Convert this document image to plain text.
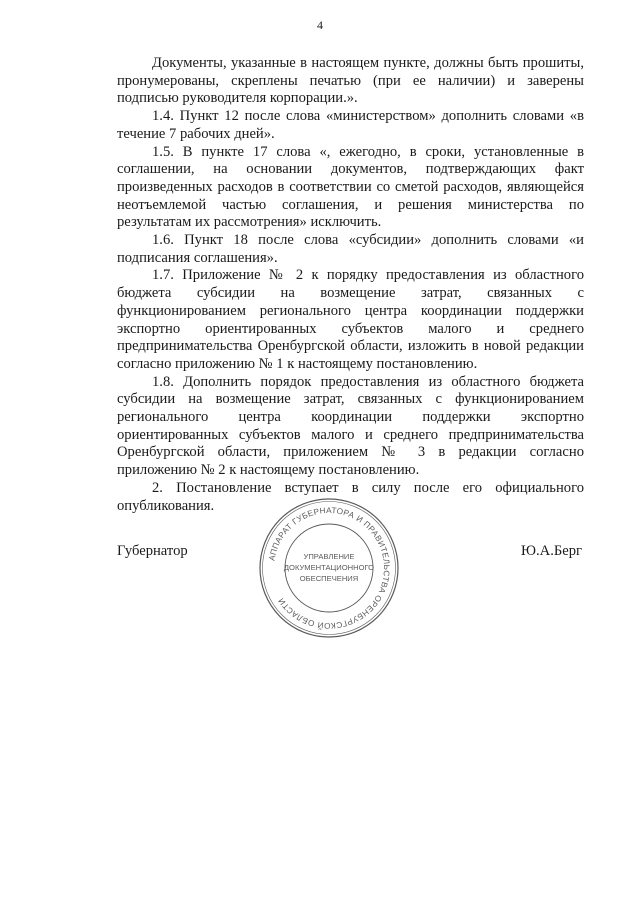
4

Документы, указанные в настоящем пункте, должны быть прошиты, пронумерованы, скреплены печатью (при ее наличии) и заверены подписью руководителя корпорации.».

1.4. Пункт 12 после слова «министерством» дополнить словами «в течение 7 рабочих дней».

1.5. В пункте 17 слова «, ежегодно, в сроки, установленные в соглашении, на основании документов, подтверждающих факт произведенных расходов в соответствии со сметой расходов, являющейся неотъемлемой частью соглашения, и решения министерства по результатам их рассмотрения» исключить.

1.6. Пункт 18 после слова «субсидии» дополнить словами «и подписания соглашения».

1.7. Приложение № 2 к порядку предоставления из областного бюджета субсидии на возмещение затрат, связанных с функционированием регионального центра координации поддержки экспортно ориентированных субъектов малого и среднего предпринимательства Оренбургской области, изложить в новой редакции согласно приложению № 1 к настоящему постановлению.

1.8. Дополнить порядок предоставления из областного бюджета субсидии на возмещение затрат, связанных с функционированием регионального центра координации поддержки экспортно ориентированных субъектов малого и среднего предпринимательства Оренбургской области, приложением № 3 в редакции согласно приложению № 2 к настоящему постановлению.

2. Постановление вступает в силу после его официального опубликования.

Губернатор	Ю.А.Берг
АППАРАТ ГУБЕРНАТОРА И ПРАВИТЕЛЬСТВА ОРЕНБУРГСКОЙ ОБЛАСТИ
УПРАВЛЕНИЕ
ДОКУМЕНТАЦИОННОГО
ОБЕСПЕЧЕНИЯ
